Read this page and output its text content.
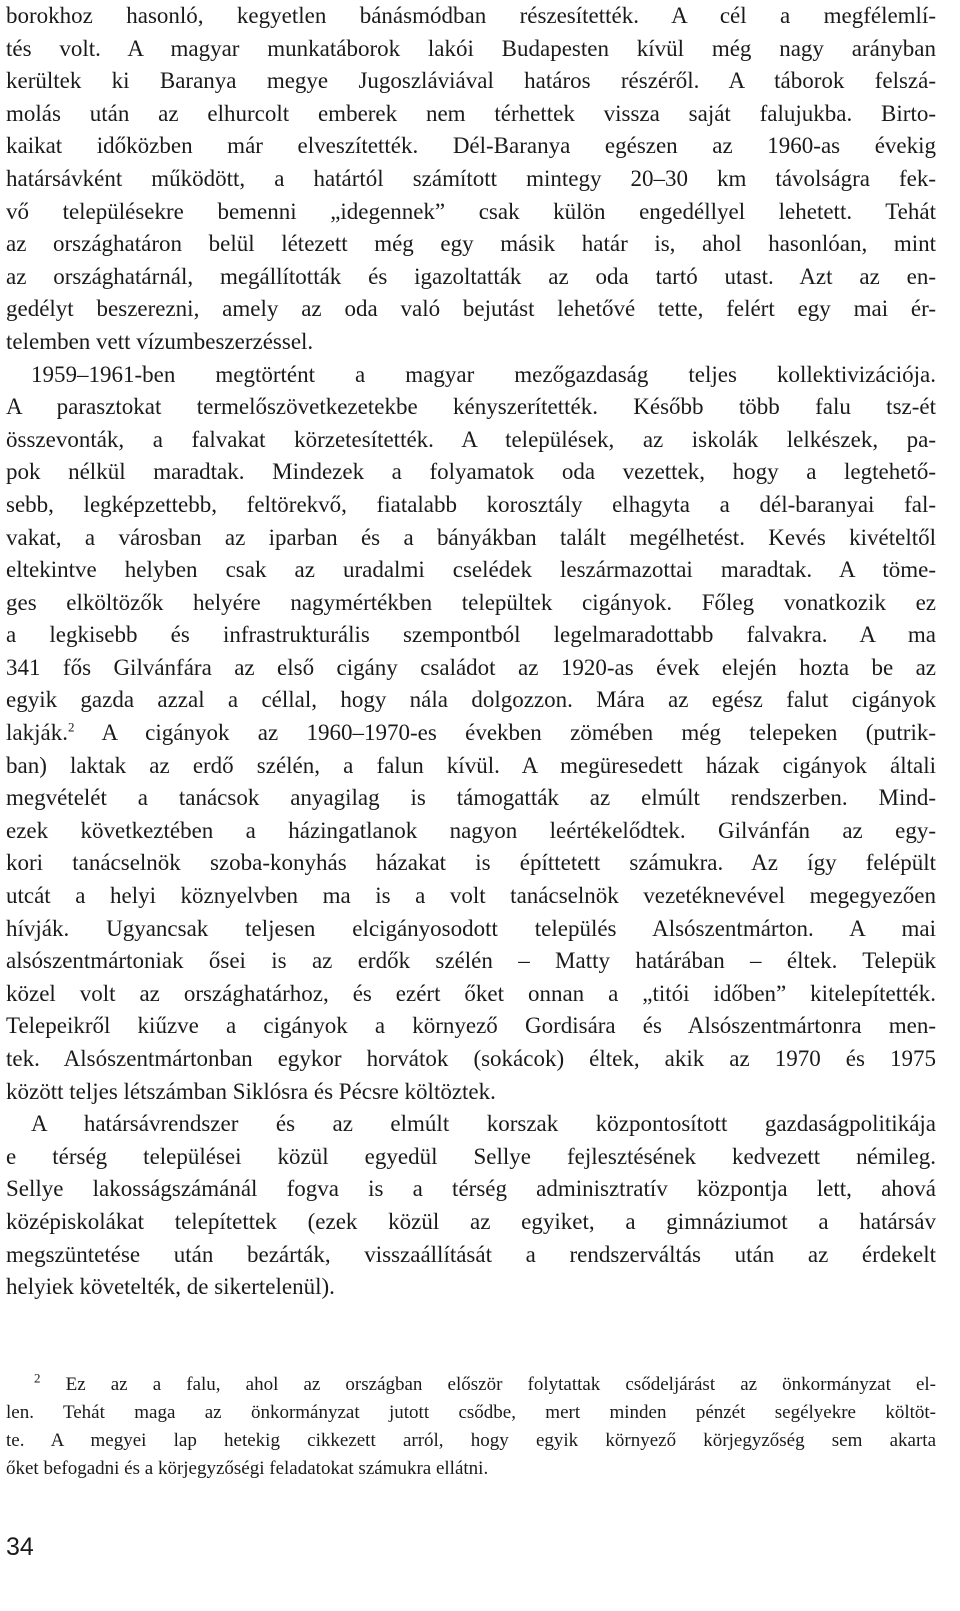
borokhoz hasonló, kegyetlen bánásmódban részesítették. A cél a megfélemlí-
tés volt. A magyar munkatáborok lakói Budapesten kívül még nagy arányban
kerültek ki Baranya megye Jugoszláviával határos részéről. A táborok felszá-
molás után az elhurcolt emberek nem térhettek vissza saját falujukba. Birto-
kaikat időközben már elveszítették. Dél-Baranya egészen az 1960-as évekig
határsávként működött, a határtól számított mintegy 20–30 km távolságra fek-
vő településekre bemenni „idegennek” csak külön engedéllyel lehetett. Tehát
az országhatáron belül létezett még egy másik határ is, ahol hasonlóan, mint
az országhatárnál, megállították és igazoltatták az oda tartó utast. Azt az en-
gedélyt beszerezni, amely az oda való bejutást lehetővé tette, felért egy mai ér-
telemben vett vízumbeszerzéssel.
1959–1961-ben megtörtént a magyar mezőgazdaság teljes kollektivizációja.
A parasztokat termelőszövetkezetekbe kényszerítették. Később több falu tsz-ét
összevonták, a falvakat körzetesítették. A települések, az iskolák lelkészek, pa-
pok nélkül maradtak. Mindezek a folyamatok oda vezettek, hogy a legtehető-
sebb, legképzettebb, feltörekvő, fiatalabb korosztály elhagyta a dél-baranyai fal-
vakat, a városban az iparban és a bányákban talált megélhetést. Kevés kivételtől
eltekintve helyben csak az uradalmi cselédek leszármazottai maradtak. A tömе-
ges elköltözők helyére nagymértékben települtek cigányok. Főleg vonatkozik ez
a legkisebb és infrastrukturális szempontból legelmaradottabb falvakra. A ma
341 fős Gilvánfára az első cigány családot az 1920-as évek elején hozta be az
egyik gazda azzal a céllal, hogy nála dolgozzon. Mára az egész falut cigányok
lakják.$^2$ A cigányok az 1960–1970-es években zömében még telepeken (putrik-
ban) laktak az erdő szélén, a falun kívül. A megüresedett házak cigányok általi
megvételét a tanácsok anyagilag is támogatták az elmúlt rendszerben. Mind-
ezek következtében a házingatlanok nagyon leértékelődtek. Gilvánfán az egy-
kori tanácselnök szoba-konyhás házakat is építtetett számukra. Az így felépült
utcát a helyi köznyelvben ma is a volt tanácselnök vezetéknevével megegyezően
hívják. Ugyancsak teljesen elcigányosodott település Alsószentmárton. A mai
alsószentmártoniak ősei is az erdők szélén – Matty határában – éltek. Telepük
közel volt az országhatárhoz, és ezért őket onnan a „titói időben” kitelepítették.
Telepeikről kiűzve a cigányok a környező Gordisára és Alsószentmártonra men-
tek. Alsószentmártonban egykor horvátok (sokácok) éltek, akik az 1970 és 1975
között teljes létszámban Siklósra és Pécsre költöztek.
A határsávrendszer és az elmúlt korszak központosított gazdaságpolitikája
e térség települései közül egyedül Sellye fejlesztésének kedvezett némileg.
Sellye lakosságszámánál fogva is a térség adminisztratív központja lett, ahová
középiskolákat telepítettek (ezek közül az egyiket, a gimnáziumot a határsáv
megszüntetése után bezárták, visszaállítását a rendszerváltás után az érdekelt
helyiek követelték, de sikertelenül).
$^2$ Ez az a falu, ahol az országban először folytattak csődeljárást az önkormányzat el-
len. Tehát maga az önkormányzat jutott csődbe, mert minden pénzét segélyekre költöt-
te. A megyei lap hetekig cikkezett arról, hogy egyik környező körjegyzőség sem akarta
őket befogadni és a körjegyzőségi feladatokat számukra ellátni.
34
